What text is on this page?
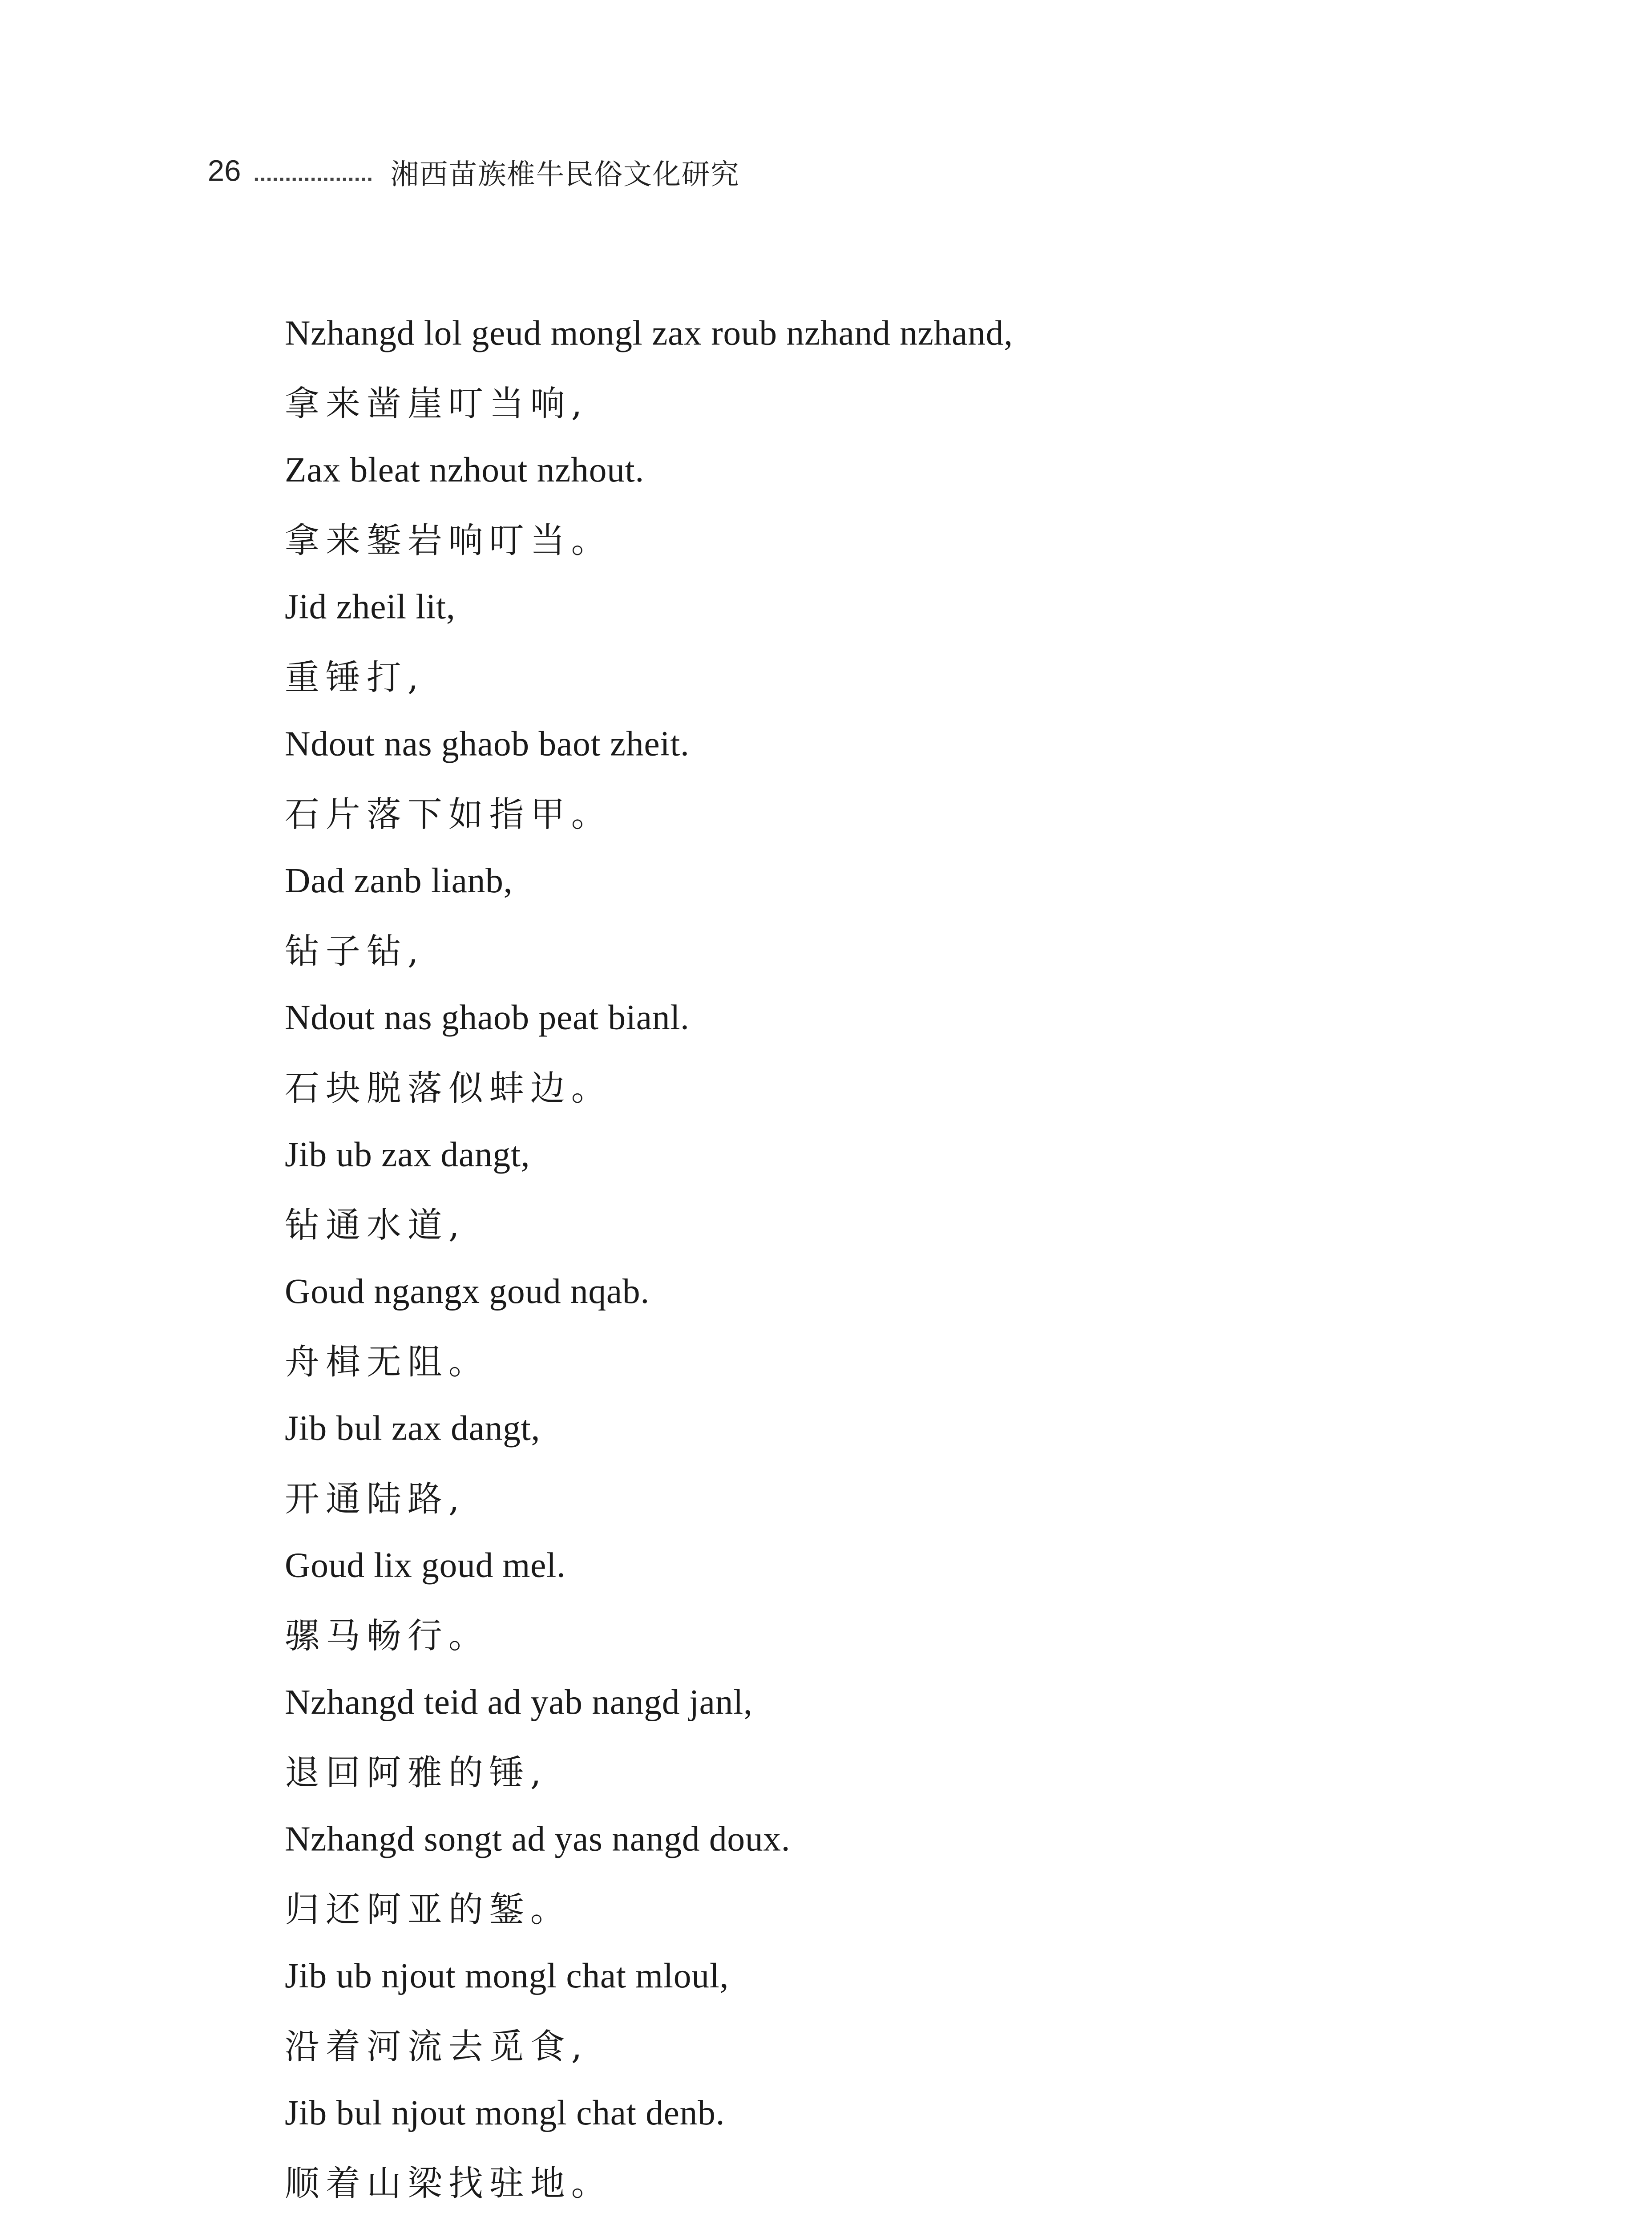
26	湘西苗族椎牛民俗文化研究
Nzhangd lol geud mongl zax roub nzhand nzhand,
拿来凿崖叮当响,
Zax bleat nzhout nzhout.
拿来錾岩响叮当。
Jid zheil lit,
重锤打,
Ndout nas ghaob baot zheit.
石片落下如指甲。
Dad zanb lianb,
钻子钻,
Ndout nas ghaob peat bianl.
石块脱落似蚌边。
Jib ub zax dangt,
钻通水道,
Goud ngangx goud nqab.
舟楫无阻。
Jib bul zax dangt,
开通陆路,
Goud lix goud mel.
骡马畅行。
Nzhangd teid ad yab nangd janl,
退回阿雅的锤,
Nzhangd songt ad yas nangd doux.
归还阿亚的錾。
Jib ub njout mongl chat mloul,
沿着河流去觅食,
Jib bul njout mongl chat denb.
顺着山梁找驻地。
